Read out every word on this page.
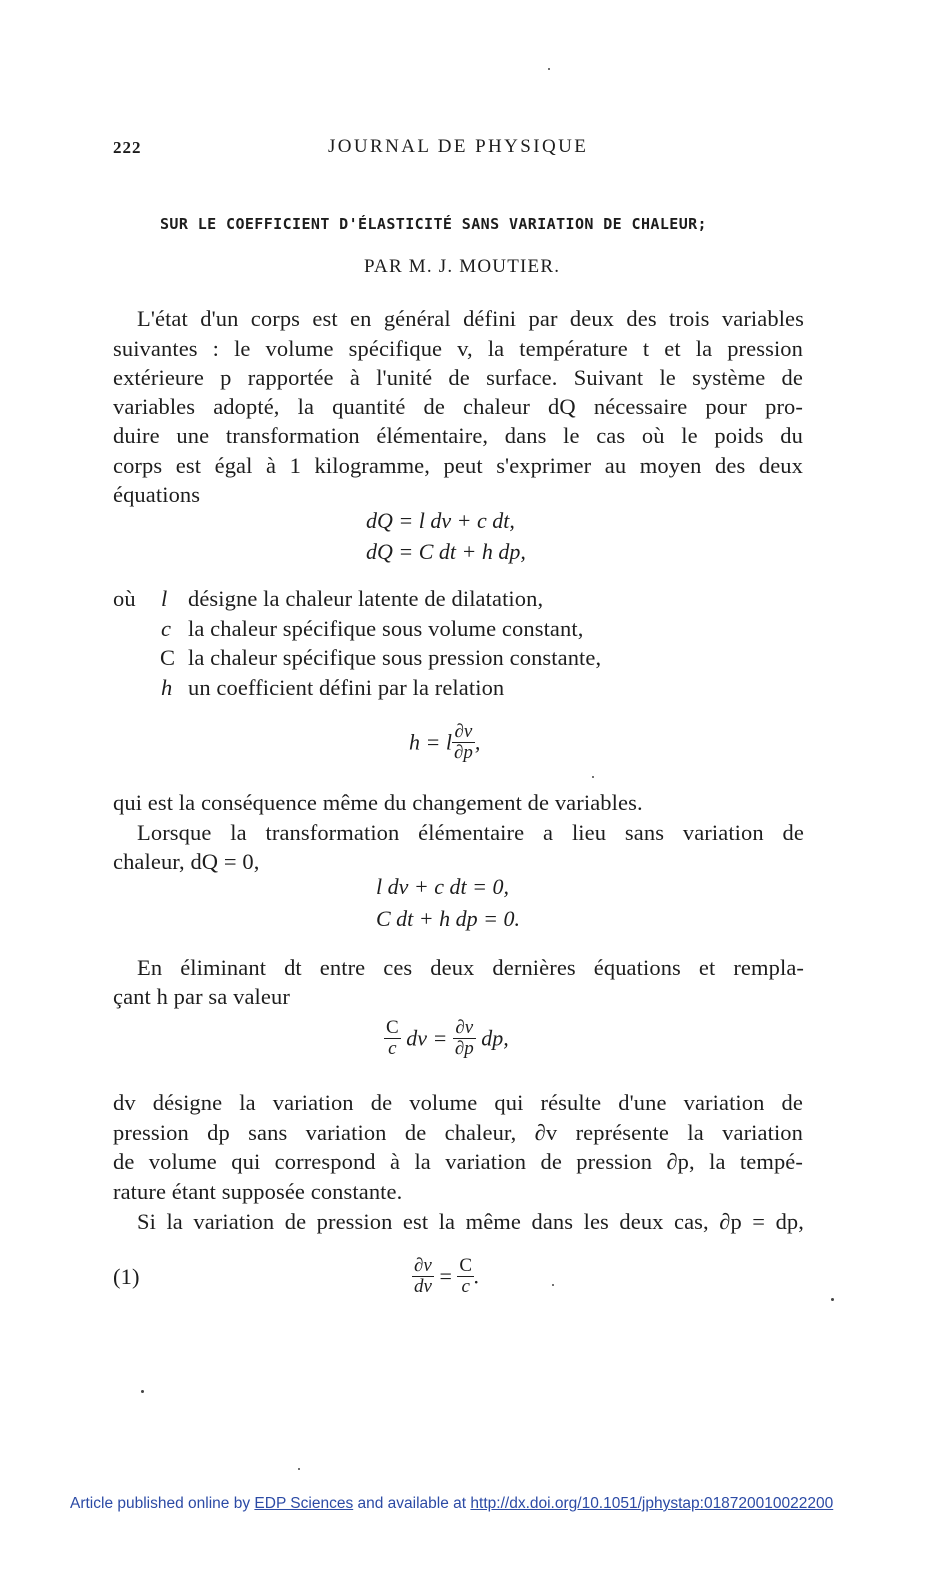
222	JOURNAL DE PHYSIQUE
SUR LE COEFFICIENT D'ÉLASTICITÉ SANS VARIATION DE CHALEUR;
PAR M. J. MOUTIER.
L'état d'un corps est en général défini par deux des trois variables
suivantes : le volume spécifique v, la température t et la pression
extérieure p rapportée à l'unité de surface. Suivant le système de
variables adopté, la quantité de chaleur dQ nécessaire pour pro-
duire une transformation élémentaire, dans le cas où le poids du
corps est égal à 1 kilogramme, peut s'exprimer au moyen des deux
équations
dQ = l dv + c dt,
dQ = C dt + h dp,
où l désigne la chaleur latente de dilatation,
c la chaleur spécifique sous volume constant,
C la chaleur spécifique sous pression constante,
h un coefficient défini par la relation
h = l $\frac{\partial v}{\partial p}$ ,
qui est la conséquence même du changement de variables.
Lorsque la transformation élémentaire a lieu sans variation de
chaleur, dQ = 0,
l dv + c dt = 0,
C dt + h dp = 0.
En éliminant dt entre ces deux dernières équations et rempla-
çant h par sa valeur
$\frac{C}{c}$ dv = $\frac{\partial v}{\partial p}$ dp,
dv désigne la variation de volume qui résulte d'une variation de
pression dp sans variation de chaleur, ∂v représente la variation
de volume qui correspond à la variation de pression ∂p, la tempé-
rature étant supposée constante.
Si la variation de pression est la même dans les deux cas, ∂p = dp,
(1)	$\frac{\partial v}{dv} = \frac{C}{c}$ .
Article published online by EDP Sciences and available at http://dx.doi.org/10.1051/jphystap:018720010022200
